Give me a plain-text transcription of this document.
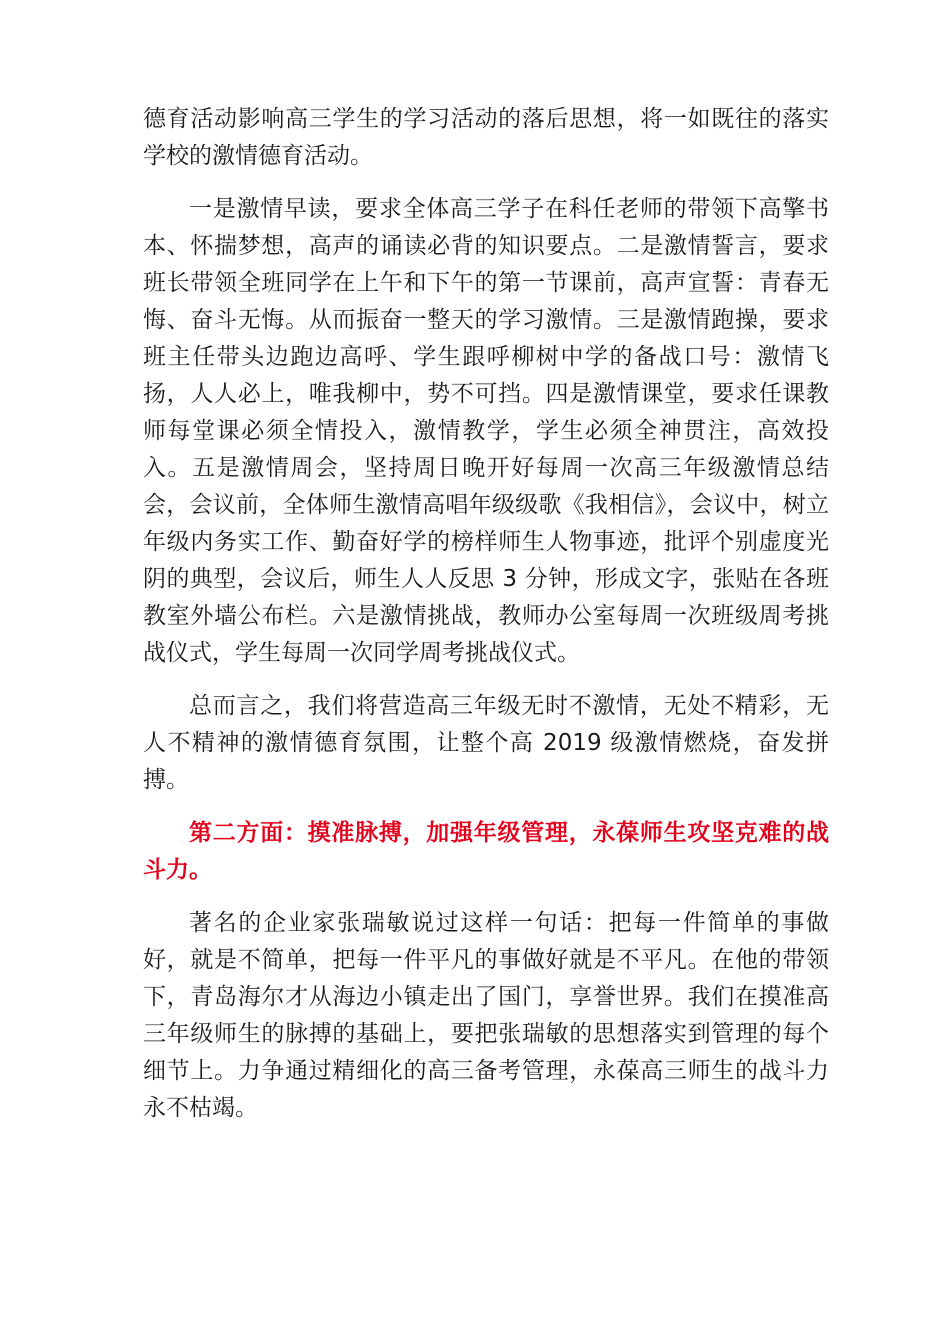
德育活动影响高三学生的学习活动的落后思想，将一如既往的落实学校的激情德育活动。

一是激情早读，要求全体高三学子在科任老师的带领下高擎书本、怀揣梦想，高声的诵读必背的知识要点。二是激情誓言，要求班长带领全班同学在上午和下午的第一节课前，高声宣誓：青春无悔、奋斗无悔。从而振奋一整天的学习激情。三是激情跑操，要求班主任带头边跑边高呼、学生跟呼柳树中学的备战口号：激情飞扬，人人必上，唯我柳中，势不可挡。四是激情课堂，要求任课教师每堂课必须全情投入，激情教学，学生必须全神贯注，高效投入。五是激情周会，坚持周日晚开好每周一次高三年级激情总结会，会议前，全体师生激情高唱年级级歌《我相信》，会议中，树立年级内务实工作、勤奋好学的榜样师生人物事迹，批评个别虚度光阴的典型，会议后，师生人人反思 3 分钟，形成文字，张贴在各班教室外墙公布栏。六是激情挑战，教师办公室每周一次班级周考挑战仪式，学生每周一次同学周考挑战仪式。

总而言之，我们将营造高三年级无时不激情，无处不精彩，无人不精神的激情德育氛围，让整个高 2019 级激情燃烧，奋发拼搏。

第二方面：摸准脉搏，加强年级管理，永葆师生攻坚克难的战斗力。

著名的企业家张瑞敏说过这样一句话：把每一件简单的事做好，就是不简单，把每一件平凡的事做好就是不平凡。在他的带领下，青岛海尔才从海边小镇走出了国门，享誉世界。我们在摸准高三年级师生的脉搏的基础上，要把张瑞敏的思想落实到管理的每个细节上。力争通过精细化的高三备考管理，永葆高三师生的战斗力永不枯竭。
